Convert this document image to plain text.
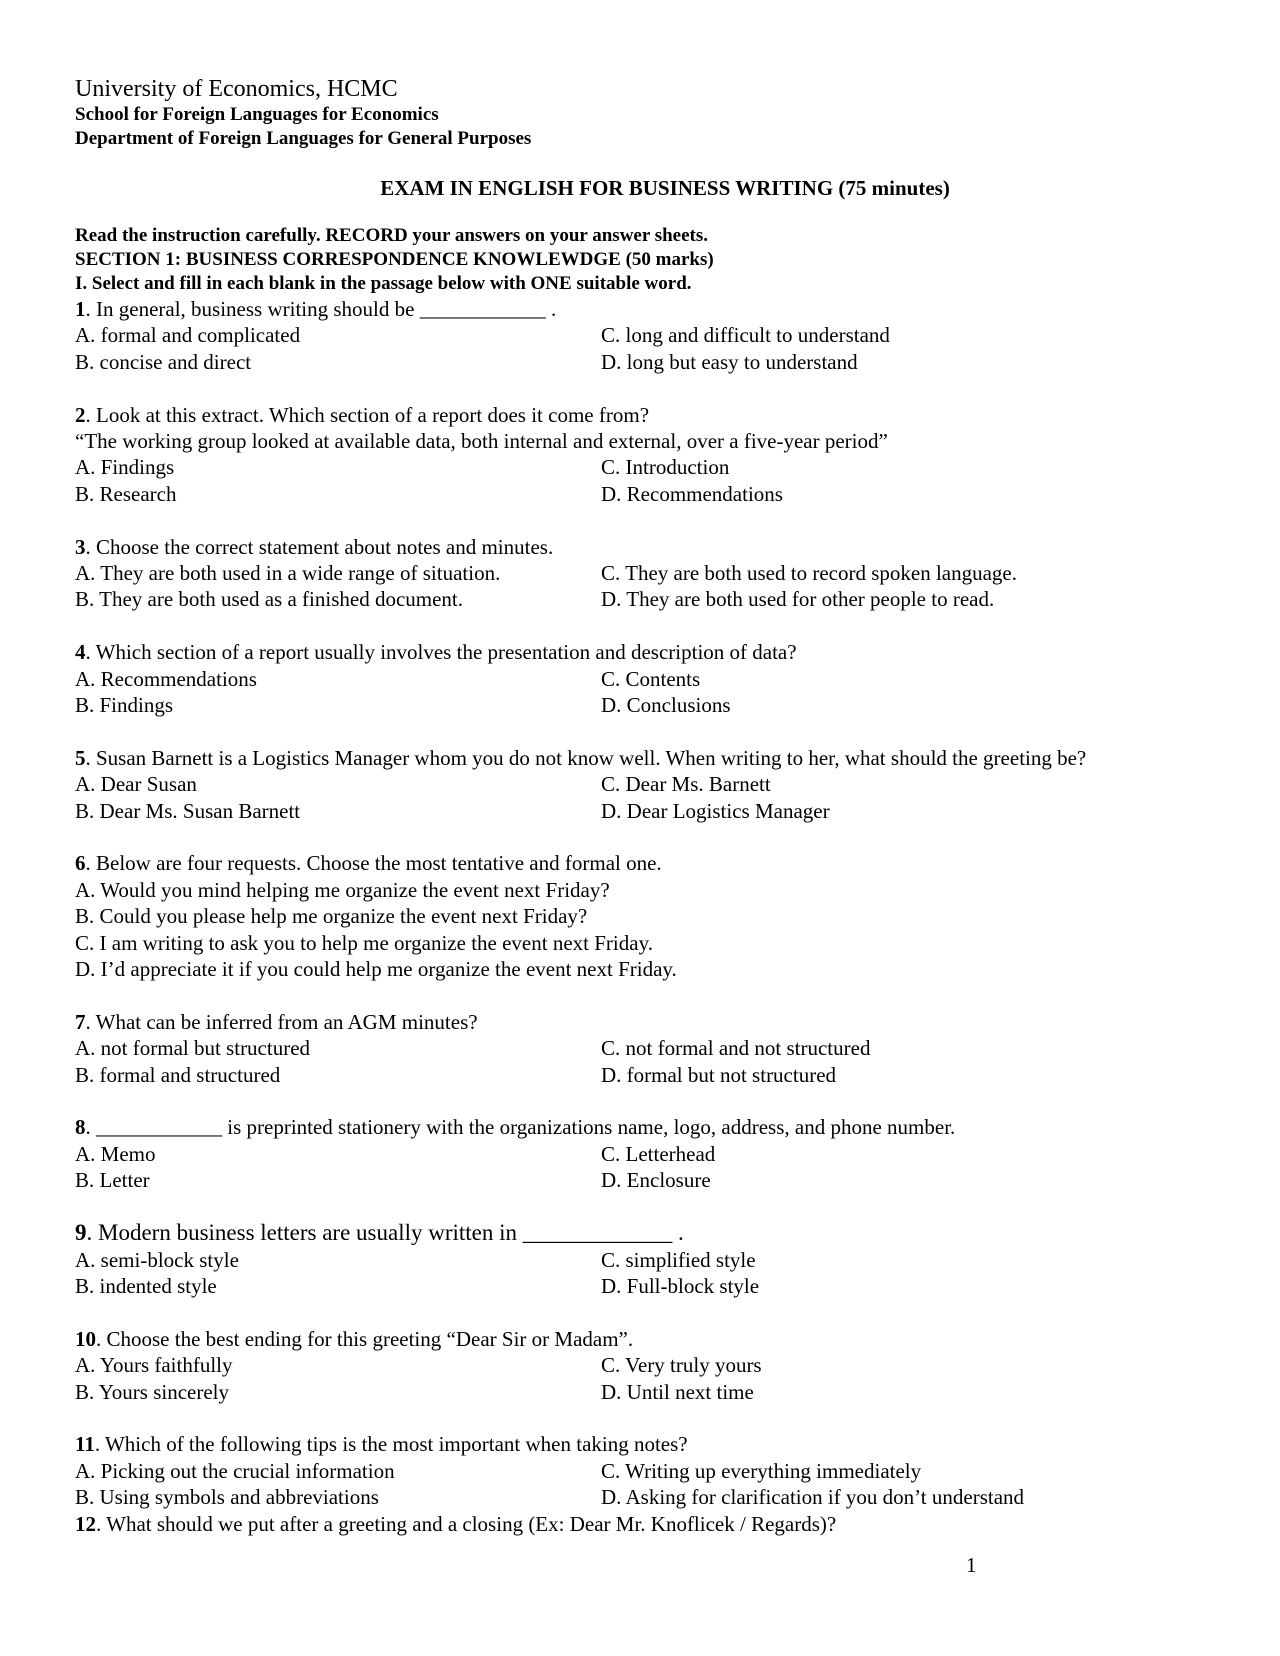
University of Economics, HCMC
School for Foreign Languages for Economics
Department of Foreign Languages for General Purposes
EXAM IN ENGLISH FOR BUSINESS WRITING (75 minutes)
Read the instruction carefully. RECORD your answers on your answer sheets.
SECTION 1: BUSINESS CORRESPONDENCE KNOWLEWDGE (50 marks)
I. Select and fill in each blank in the passage below with ONE suitable word.
1. In general, business writing should be ____________ .
A. formal and complicated	C. long and difficult to understand
B. concise and direct	D. long but easy to understand
2. Look at this extract. Which section of a report does it come from?
“The working group looked at available data, both internal and external, over a five-year period”
A. Findings	C. Introduction
B. Research	D. Recommendations
3. Choose the correct statement about notes and minutes.
A. They are both used in a wide range of situation.	C. They are both used to record spoken language.
B. They are both used as a finished document.	D. They are both used for other people to read.
4. Which section of a report usually involves the presentation and description of data?
A. Recommendations	C. Contents
B. Findings	D. Conclusions
5. Susan Barnett is a Logistics Manager whom you do not know well. When writing to her, what should the greeting be?
A. Dear Susan	C. Dear Ms. Barnett
B. Dear Ms. Susan Barnett	D. Dear Logistics Manager
6. Below are four requests. Choose the most tentative and formal one.
A. Would you mind helping me organize the event next Friday?
B. Could you please help me organize the event next Friday?
C. I am writing to ask you to help me organize the event next Friday.
D. I’d appreciate it if you could help me organize the event next Friday.
7. What can be inferred from an AGM minutes?
A. not formal but structured	C. not formal and not structured
B. formal and structured	D. formal but not structured
8. ____________ is preprinted stationery with the organizations name, logo, address, and phone number.
A. Memo	C. Letterhead
B. Letter	D. Enclosure
9. Modern business letters are usually written in _____________ .
A. semi-block style	C. simplified style
B. indented style	D. Full-block style
10. Choose the best ending for this greeting “Dear Sir or Madam”.
A. Yours faithfully	C. Very truly yours
B. Yours sincerely	D. Until next time
11. Which of the following tips is the most important when taking notes?
A. Picking out the crucial information	C. Writing up everything immediately
B. Using symbols and abbreviations	D. Asking for clarification if you don’t understand
12. What should we put after a greeting and a closing (Ex: Dear Mr. Knoflicek / Regards)?
1
